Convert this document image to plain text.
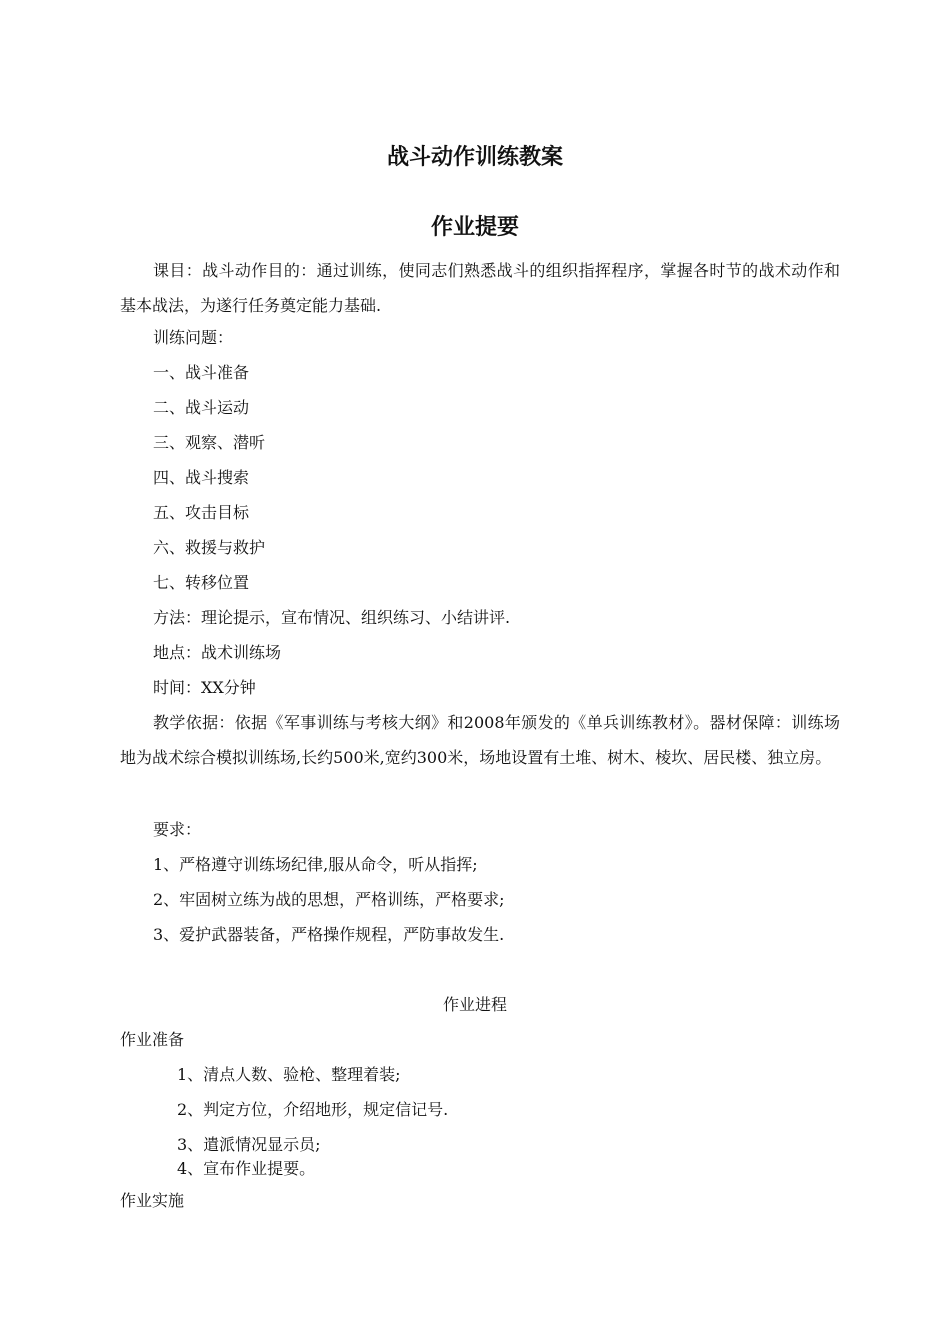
战斗动作训练教案
作业提要
课目：战斗动作目的：通过训练，使同志们熟悉战斗的组织指挥程序，掌握各时节的战术动作和基本战法，为遂行任务奠定能力基础.
训练问题：
一、战斗准备
二、战斗运动
三、观察、潜听
四、战斗搜索
五、攻击目标
六、救援与救护
七、转移位置
方法：理论提示，宣布情况、组织练习、小结讲评.
地点：战术训练场
时间：XX分钟
教学依据：依据《军事训练与考核大纲》和2008年颁发的《单兵训练教材》。器材保障：训练场地为战术综合模拟训练场,长约500米,宽约300米，场地设置有土堆、树木、棱坎、居民楼、独立房。
要求：
1、严格遵守训练场纪律,服从命令，听从指挥;
2、牢固树立练为战的思想，严格训练，严格要求;
3、爱护武器装备，严格操作规程，严防事故发生.
作业进程
作业准备
1、清点人数、验枪、整理着装;
2、判定方位，介绍地形，规定信记号.
3、遣派情况显示员;
4、宣布作业提要。
作业实施
